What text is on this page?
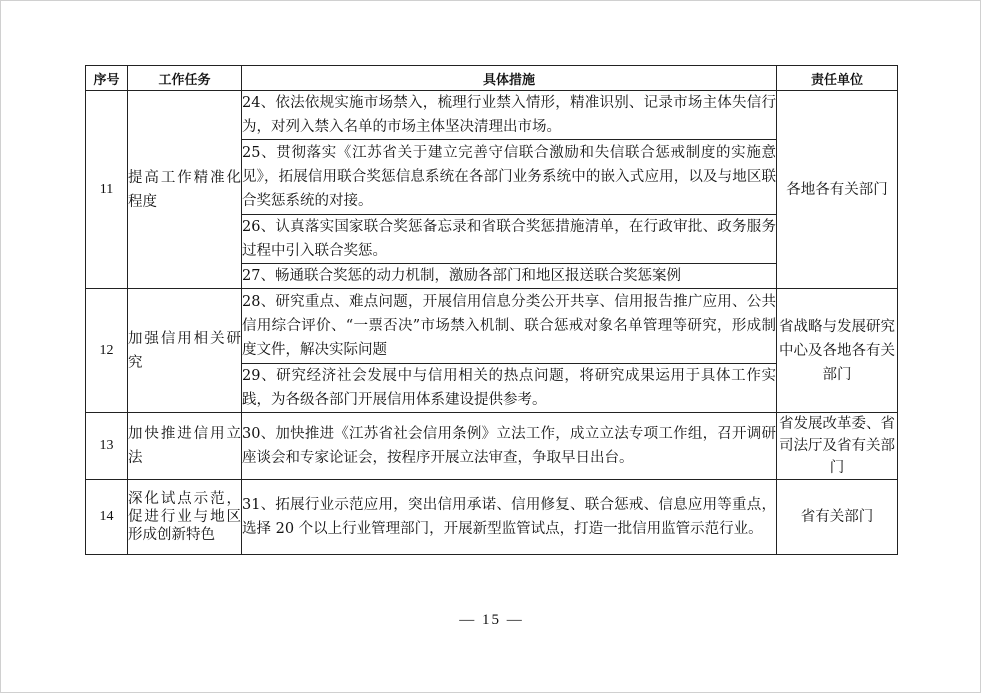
序号	工作任务	具体措施	责任单位
11	提高工作精准化程度	24、依法依规实施市场禁入，梳理行业禁入情形，精准识别、记录市场主体失信行为，对列入禁入名单的市场主体坚决清理出市场。	各地各有关部门
		25、贯彻落实《江苏省关于建立完善守信联合激励和失信联合惩戒制度的实施意见》，拓展信用联合奖惩信息系统在各部门业务系统中的嵌入式应用，以及与地区联合奖惩系统的对接。	
		26、认真落实国家联合奖惩备忘录和省联合奖惩措施清单，在行政审批、政务服务过程中引入联合奖惩。	
		27、畅通联合奖惩的动力机制，激励各部门和地区报送联合奖惩案例	
12	加强信用相关研究	28、研究重点、难点问题，开展信用信息分类公开共享、信用报告推广应用、公共信用综合评价、“一票否决”市场禁入机制、联合惩戒对象名单管理等研究，形成制度文件，解决实际问题	省战略与发展研究中心及各地各有关部门
		29、研究经济社会发展中与信用相关的热点问题，将研究成果运用于具体工作实践，为各级各部门开展信用体系建设提供参考。	
13	加快推进信用立法	30、加快推进《江苏省社会信用条例》立法工作，成立立法专项工作组，召开调研座谈会和专家论证会，按程序开展立法审查，争取早日出台。	省发展改革委、省司法厅及省有关部门
14	深化试点示范，促进行业与地区形成创新特色	31、拓展行业示范应用，突出信用承诺、信用修复、联合惩戒、信息应用等重点，选择 20 个以上行业管理部门，开展新型监管试点，打造一批信用监管示范行业。	省有关部门
— 15 —
